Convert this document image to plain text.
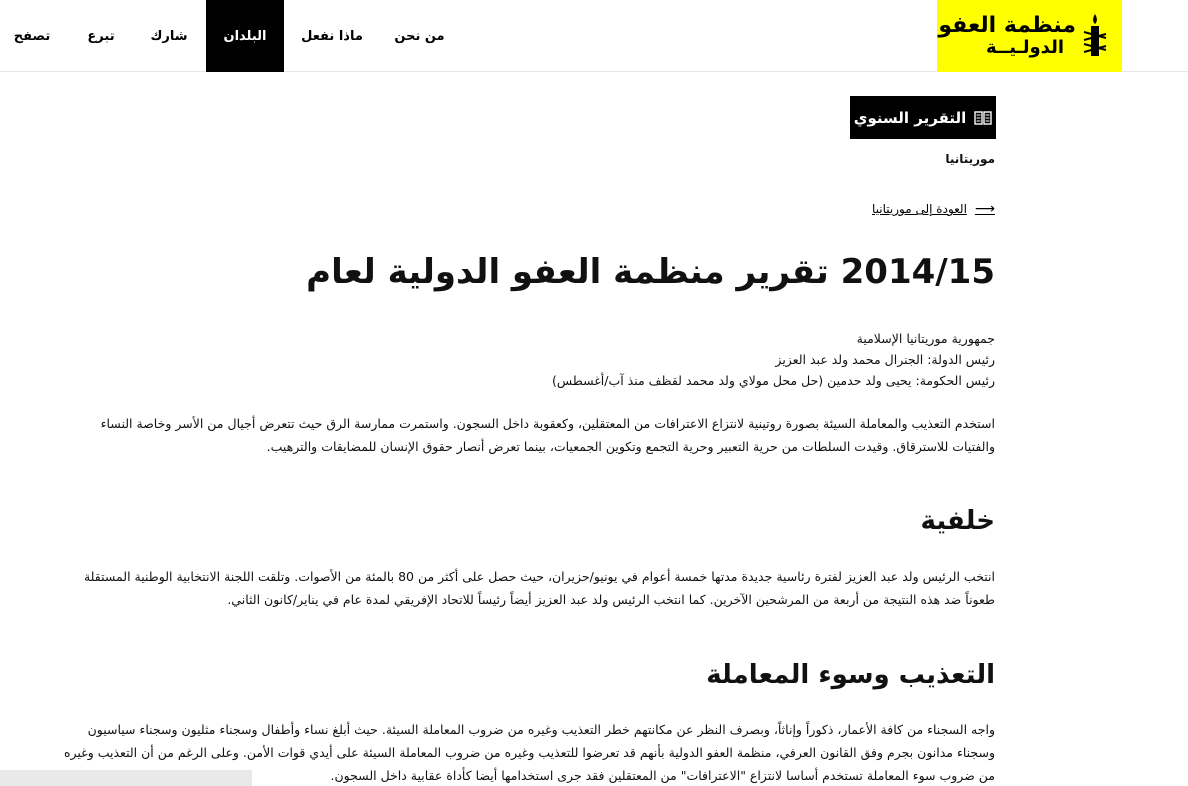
منظمة العفو
الدولـيــة
من نحن
ماذا نفعل
البلدان
شارك
تبرع
تصفح
التقرير السنوي
موريتانيا
⟶
العودة إلى موريتانيا
2014/15 تقرير منظمة العفو الدولية لعام
جمهورية موريتانيا الإسلامية
رئيس الدولة: الجنرال محمد ولد عبد العزيز
رئيس الحكومة: يحيى ولد حدمين (حل محل مولاي ولد محمد لقظف منذ آب/أغسطس)
استخدم التعذيب والمعاملة السيئة بصورة روتينية لانتزاع الاعترافات من المعتقلين، وكعقوبة داخل السجون. واستمرت ممارسة الرق حيث تتعرض أجيال من الأسر وخاصة النساء
والفتيات للاسترقاق. وقيدت السلطات من حرية التعبير وحرية التجمع وتكوين الجمعيات، بينما تعرض أنصار حقوق الإنسان للمضايقات والترهيب.
خلفية
انتخب الرئيس ولد عبد العزيز لفترة رئاسية جديدة مدتها خمسة أعوام في يونيو/حزيران، حيث حصل على أكثر من 80 بالمئة من الأصوات. وتلقت اللجنة الانتخابية الوطنية المستقلة
طعوناً ضد هذه النتيجة من أربعة من المرشحين الآخرين. كما انتخب الرئيس ولد عبد العزيز أيضاً رئيساً للاتحاد الإفريقي لمدة عام في يناير/كانون الثاني.
التعذيب وسوء المعاملة
واجه السجناء من كافة الأعمار، ذكوراً وإناثاً، وبصرف النظر عن مكانتهم خطر التعذيب وغيره من ضروب المعاملة السيئة. حيث أبلغ نساء وأطفال وسجناء مثليون وسجناء سياسيون
وسجناء مدانون بجرم وفق القانون العرفي، منظمة العفو الدولية بأنهم قد تعرضوا للتعذيب وغيره من ضروب المعاملة السيئة على أيدي قوات الأمن. وعلى الرغم من أن التعذيب وغيره
من ضروب سوء المعاملة تستخدم أساسا لانتزاع "الاعترافات" من المعتقلين فقد جرى استخدامها أيضا كأداة عقابية داخل السجون.
